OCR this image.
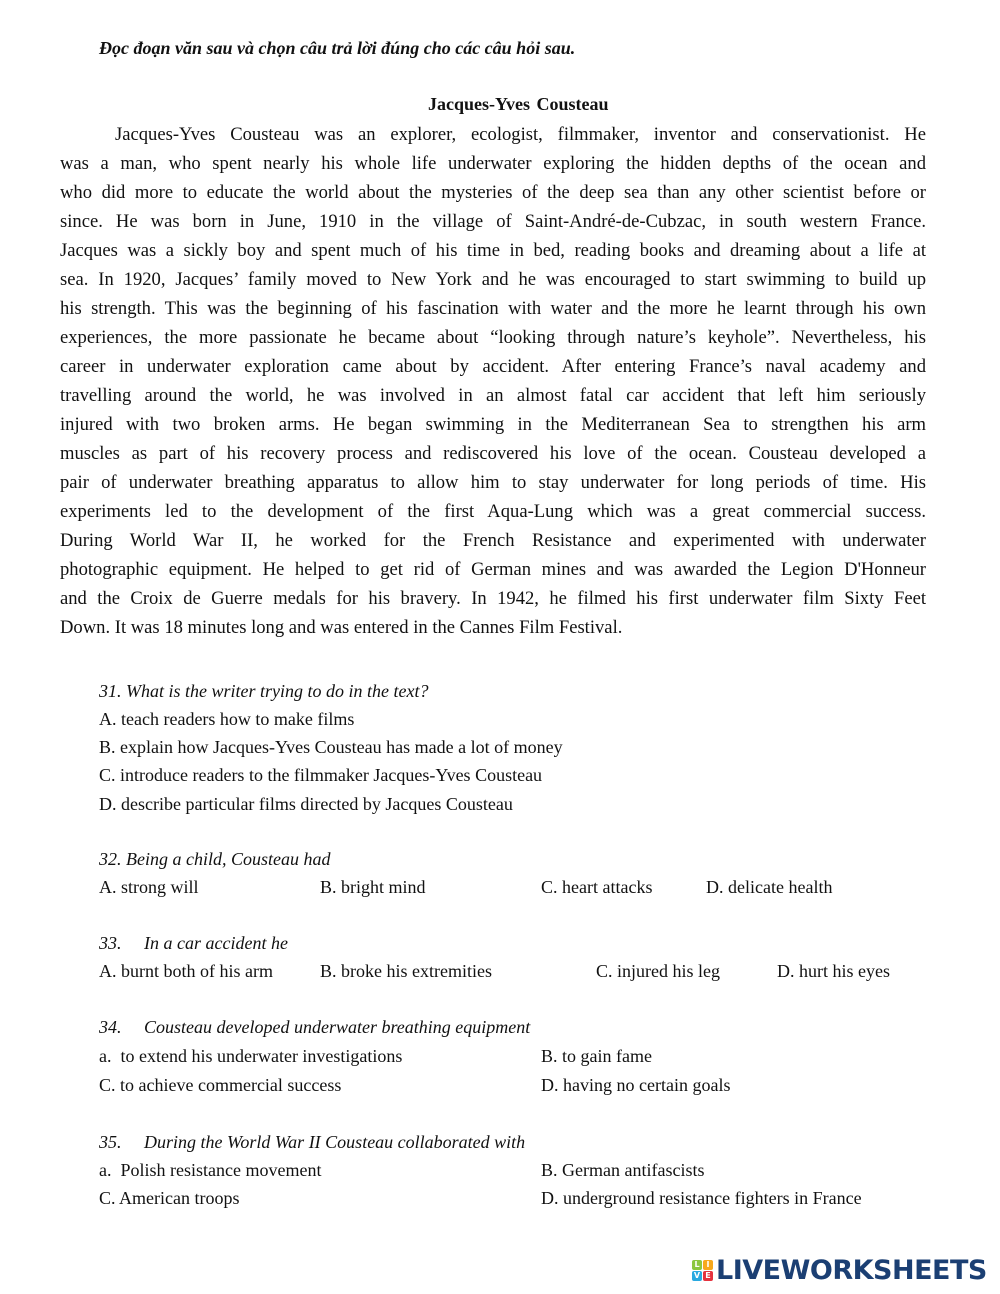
Đọc đoạn văn sau và chọn câu trả lời đúng cho các câu hỏi sau.
Jacques-Yves Cousteau
Jacques-Yves Cousteau was an explorer, ecologist, filmmaker, inventor and conservationist. He
was a man, who spent nearly his whole life underwater exploring the hidden depths of the ocean and
who did more to educate the world about the mysteries of the deep sea than any other scientist before or
since. He was born in June, 1910 in the village of Saint-André-de-Cubzac, in south western France.
Jacques was a sickly boy and spent much of his time in bed, reading books and dreaming about a life at
sea. In 1920, Jacques’ family moved to New York and he was encouraged to start swimming to build up
his strength. This was the beginning of his fascination with water and the more he learnt through his own
experiences, the more passionate he became about “looking through nature’s keyhole”. Nevertheless, his
career in underwater exploration came about by accident. After entering France’s naval academy and
travelling around the world, he was involved in an almost fatal car accident that left him seriously
injured with two broken arms. He began swimming in the Mediterranean Sea to strengthen his arm
muscles as part of his recovery process and rediscovered his love of the ocean. Cousteau developed a
pair of underwater breathing apparatus to allow him to stay underwater for long periods of time. His
experiments led to the development of the first Aqua-Lung which was a great commercial success.
During World War II, he worked for the French Resistance and experimented with underwater
photographic equipment. He helped to get rid of German mines and was awarded the Legion D'Honneur
and the Croix de Guerre medals for his bravery. In 1942, he filmed his first underwater film Sixty Feet
Down. It was 18 minutes long and was entered in the Cannes Film Festival.
31. What is the writer trying to do in the text?
A. teach readers how to make films
B. explain how Jacques-Yves Cousteau has made a lot of money
C. introduce readers to the filmmaker Jacques-Yves Cousteau
D. describe particular films directed by Jacques Cousteau
32. Being a child, Cousteau had
A. strong will	B. bright mind	C. heart attacks	D. delicate health
33.     In a car accident he
A. burnt both of his arm	B. broke his extremities	C. injured his leg	D. hurt his eyes
34.     Cousteau developed underwater breathing equipment
a.  to extend his underwater investigations	B. to gain fame
C. to achieve commercial success	D. having no certain goals
35.     During the World War II Cousteau collaborated with
a.  Polish resistance movement	B. German antifascists
C. American troops	D. underground resistance fighters in France
L I
V E LIVEWORKSHEETS
